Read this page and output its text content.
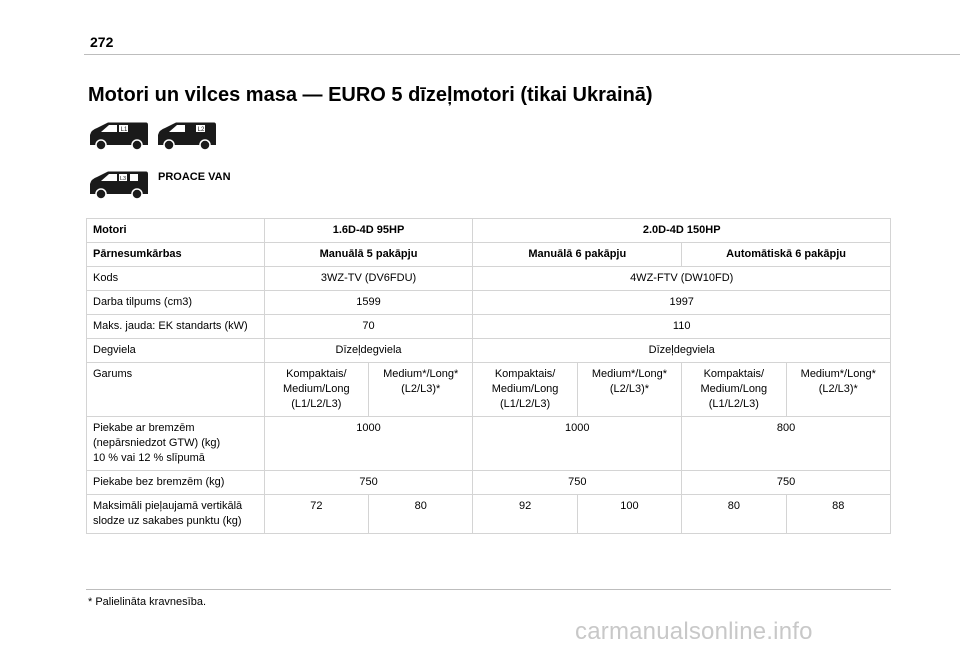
272
Motori un vilces masa — EURO 5 dīzeļmotori (tikai Ukrainā)
L1	L2
L3	PROACE VAN
Motori	1.6D-4D 95HP		2.0D-4D 150HP			
Pārnesumkārbas	Manuālā 5 pakāpju		Manuālā 6 pakāpju		Automātiskā 6 pakāpju	
Kods	3WZ-TV (DV6FDU)		4WZ-FTV (DW10FD)			
Darba tilpums (cm3)	1599		1997			
Maks. jauda: EK standarts (kW)	70		110			
Degviela	Dīzeļdegviela		Dīzeļdegviela			
Garums	Kompaktais/ Medium/Long (L1/L2/L3)	Medium*/Long* (L2/L3)*	Kompaktais/ Medium/Long (L1/L2/L3)	Medium*/Long* (L2/L3)*	Kompaktais/ Medium/Long (L1/L2/L3)	Medium*/Long* (L2/L3)*

Piekabe ar bremzēm
(nepārsniedzot GTW) (kg)
10 % vai 12 % slīpumā	1000		1000		800	
Piekabe bez bremzēm (kg)	750		750		750	
Maksimāli pieļaujamā vertikālā slodze uz sakabes punktu (kg)	72	80	92	100	80	88
* Palielināta kravnesība.
carmanualsonline.info
